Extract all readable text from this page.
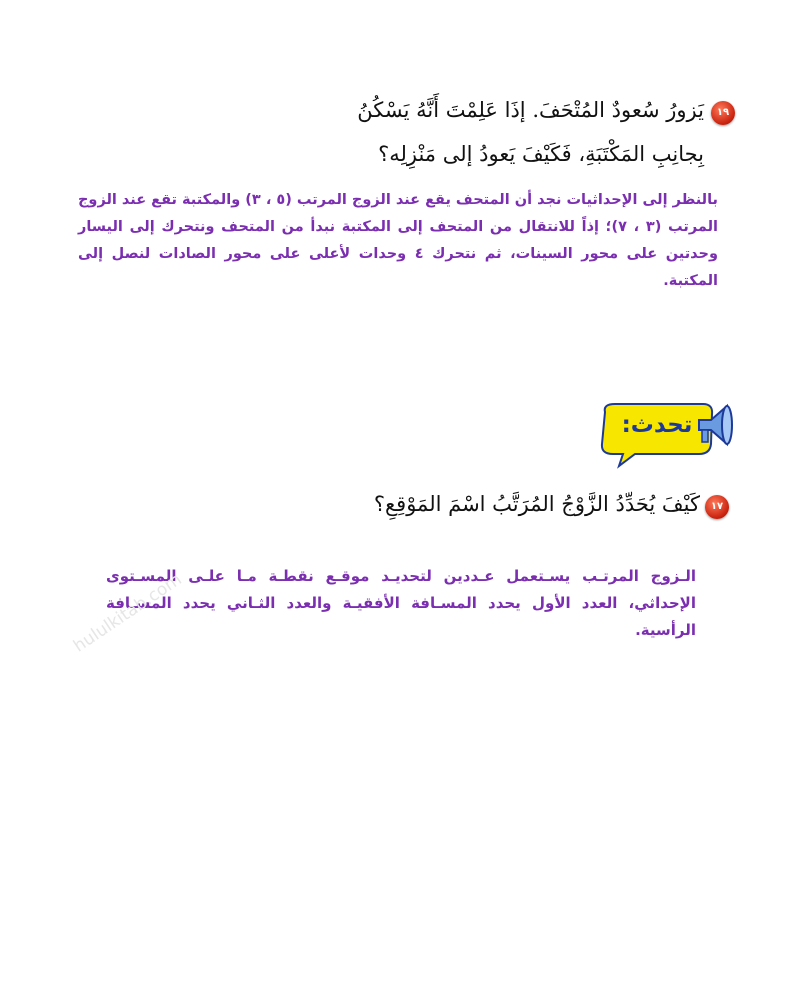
١٩
يَزورُ سُعودٌ المُتْحَفَ. إذَا عَلِمْتَ أَنَّهُ يَسْكُنُ
بِجانِبِ المَكْتَبَةِ، فَكَيْفَ يَعودُ إلى مَنْزِلِه؟
بالنظر إلى الإحداثيات نجد أن المتحف يقع عند الزوج المرتب (٥ ، ٣) والمكتبة تقع عند الزوج المرتب (٣ ، ٧)؛ إذاً للانتقال من المتحف إلى المكتبة نبدأ من المتحف ونتحرك إلى اليسار وحدتين على محور السينات، ثم نتحرك ٤ وحدات لأعلى على محور الصادات لنصل إلى المكتبة.
تحدث:
١٧
كَيْفَ يُحَدِّدُ الزَّوْجُ المُرَتَّبُ اسْمَ المَوْقِعِ؟
الـزوج المرتـب يسـتعمل عـددين لتحديـد موقـع نقطـة مـا علـى المسـتوى الإحداثي، العدد الأول يحدد المسـافة الأفقيـة والعدد الثـاني يحدد المسـافة الرأسية.
hululkitab.com
